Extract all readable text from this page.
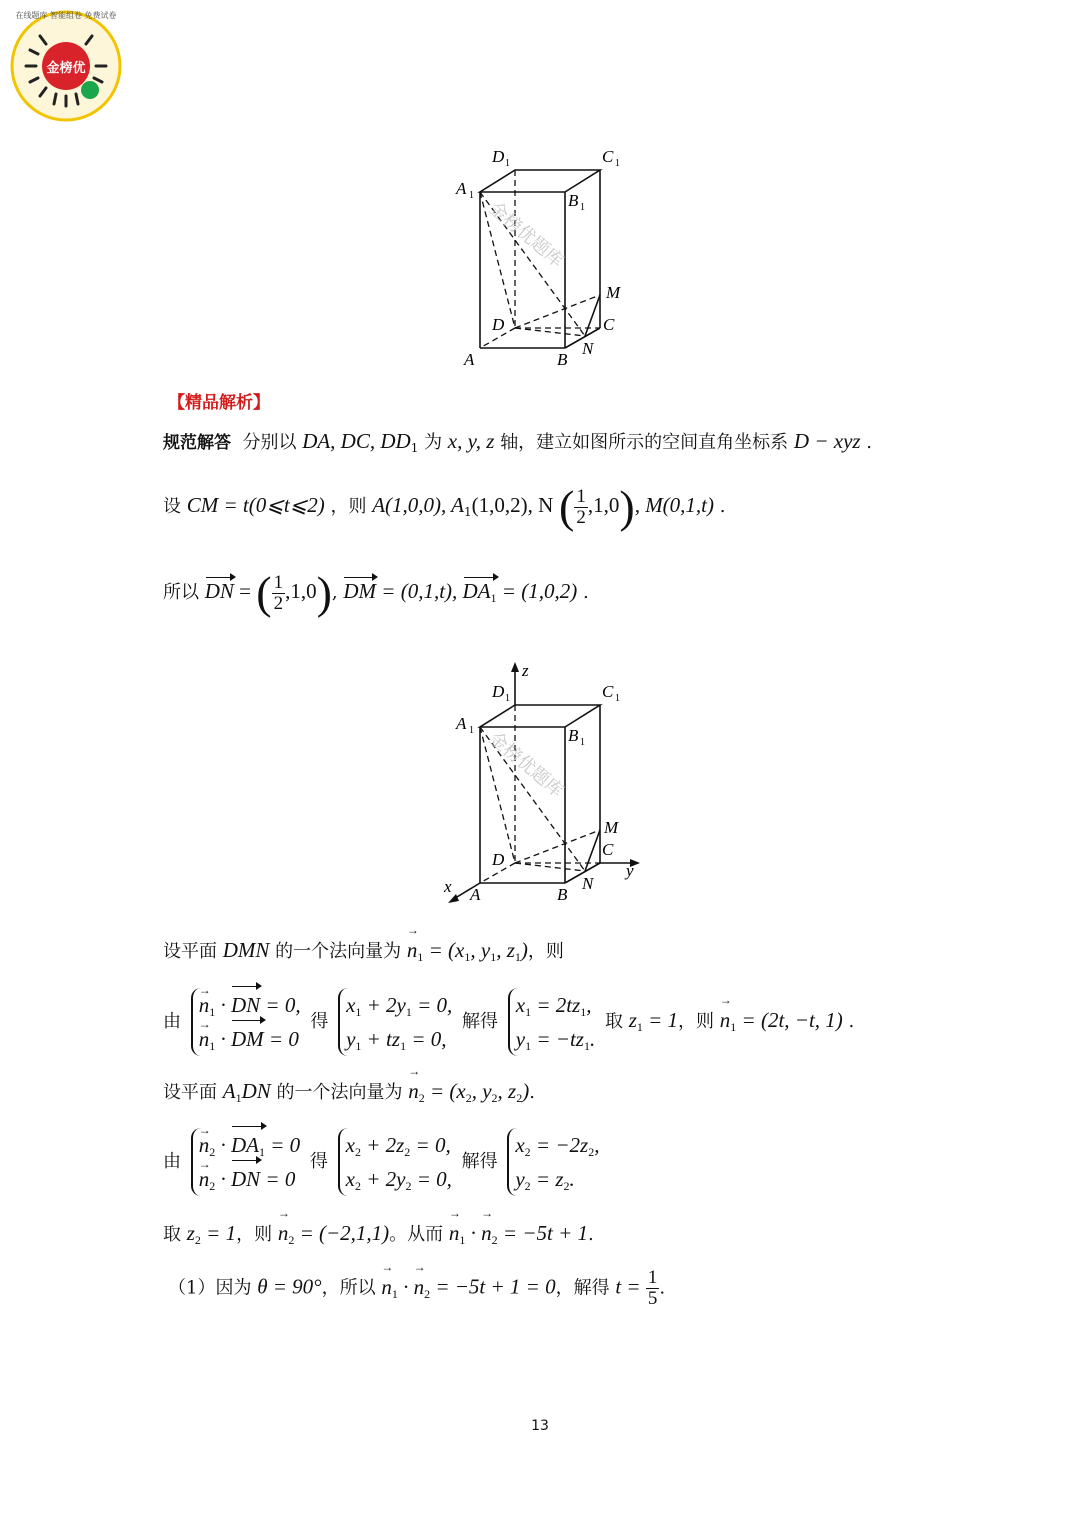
金榜优
在线题库 智能组卷 免费试卷
D 1	C 1
A 1	B 1
M
D	C
A	B
N
金榜优题库
【精品解析】
规范解答 分别以 DA, DC, $DD_1$ 为 x, y, z 轴，建立如图所示的空间直角坐标系 D − xyz .
设 CM = t(0⩽t⩽2) ，则 A(1,0,0), $A_1(1,0,2)$, N ( $\frac{1}{2} ,1,0$), M(0,1,t) .
所以 DN = ( $\frac{1}{2} ,1,0$), DM = (0,1,t), $DA_1 = (1,0,2)$ .
z
x
y
D 1	C 1
A 1	B 1
M
D
C
A	B
N
金榜优题库
设平面 DMN 的一个法向量为 $n \to_1 = (x_1$, $y_1$, $z_1$)，则
由
$n \to_1$ · DN = 0,
$n \to_1$ · DM = 0
得
$x_1 + 2y_1 = 0$,
$y_1 + tz_1 = 0$,
解得
$x_1 = 2tz_1$,
$y_1 = -tz_1$.
取 $z_1 = 1$，则 $n \to_1 = (2t$, −t, 1) .
设平面 $A_1DN$ 的一个法向量为 $n \to_2 = (x_2$, $y_2$, $z_2$).
由
$n \to_2 \cdot DA_1 = 0$
$n \to_2$ · DN = 0
得
$x_2 + 2z_2 = 0$,
$x_2 + 2y_2 = 0$,
解得
$x_2 = -2z_2$,
$y_2 = z_2$.
取 $z_2 = 1$，则 $n \to_2 = (-2,1,1)$。从而 $n \to_1 \cdot n \to_2 = -5t + 1$.
（1）因为 θ = 90°，所以 $n \to_1 \cdot n \to_2 = -5t + 1 = 0$，解得 $t = \frac{1}{5}$ .
13
